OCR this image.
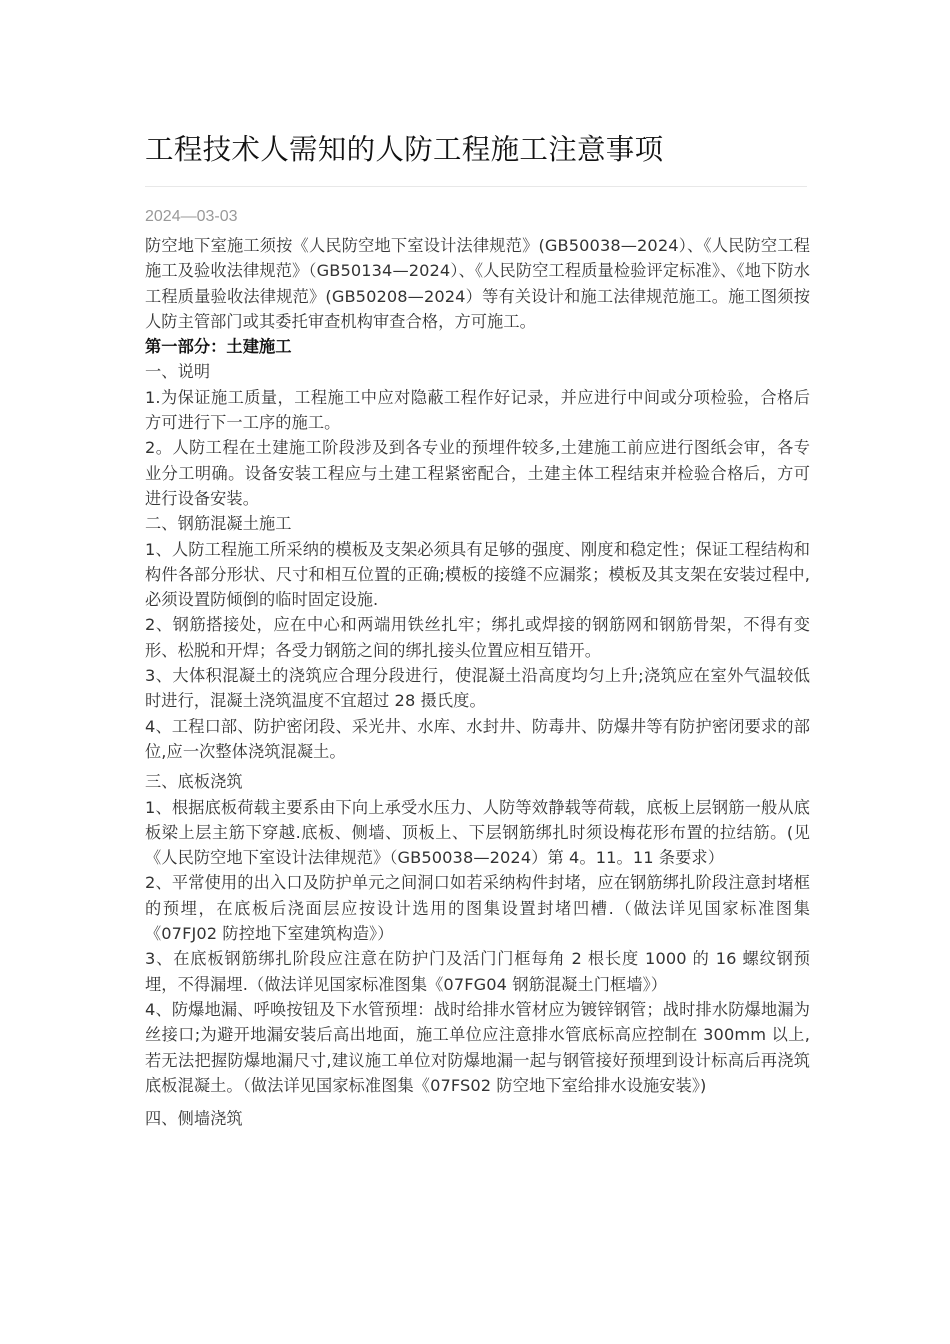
工程技术人需知的人防工程施工注意事项
2024—03-03

防空地下室施工须按《人民防空地下室设计法律规范》(GB50038—2024）、《人民防空工程施工及验收法律规范》（GB50134—2024）、《人民防空工程质量检验评定标准》、《地下防水工程质量验收法律规范》(GB50208—2024）等有关设计和施工法律规范施工。施工图须按人防主管部门或其委托审查机构审查合格，方可施工。

第一部分：土建施工

一、说明

1.为保证施工质量，工程施工中应对隐蔽工程作好记录，并应进行中间或分项检验，合格后方可进行下一工序的施工。

2。人防工程在土建施工阶段涉及到各专业的预埋件较多,土建施工前应进行图纸会审，各专业分工明确。设备安装工程应与土建工程紧密配合，土建主体工程结束并检验合格后，方可进行设备安装。

二、钢筋混凝土施工

1、人防工程施工所采纳的模板及支架必须具有足够的强度、刚度和稳定性；保证工程结构和构件各部分形状、尺寸和相互位置的正确;模板的接缝不应漏浆；模板及其支架在安装过程中,必须设置防倾倒的临时固定设施.

2、钢筋搭接处，应在中心和两端用铁丝扎牢；绑扎或焊接的钢筋网和钢筋骨架，不得有变形、松脱和开焊；各受力钢筋之间的绑扎接头位置应相互错开。

3、大体积混凝土的浇筑应合理分段进行，使混凝土沿高度均匀上升;浇筑应在室外气温较低时进行，混凝土浇筑温度不宜超过 28 摄氏度。

4、工程口部、防护密闭段、采光井、水库、水封井、防毒井、防爆井等有防护密闭要求的部位,应一次整体浇筑混凝土。

三、底板浇筑

1、根据底板荷载主要系由下向上承受水压力、人防等效静载等荷载，底板上层钢筋一般从底板梁上层主筋下穿越.底板、侧墙、顶板上、下层钢筋绑扎时须设梅花形布置的拉结筋。(见《人民防空地下室设计法律规范》（GB50038—2024）第 4。11。11 条要求）

2、平常使用的出入口及防护单元之间洞口如若采纳构件封堵，应在钢筋绑扎阶段注意封堵框的预埋，在底板后浇面层应按设计选用的图集设置封堵凹槽.（做法详见国家标准图集《07FJ02 防控地下室建筑构造》）

3、在底板钢筋绑扎阶段应注意在防护门及活门门框每角 2 根长度 1000 的 16 螺纹钢预埋，不得漏埋.（做法详见国家标准图集《07FG04 钢筋混凝土门框墙》）

4、防爆地漏、呼唤按钮及下水管预埋：战时给排水管材应为镀锌钢管；战时排水防爆地漏为丝接口;为避开地漏安装后高出地面，施工单位应注意排水管底标高应控制在 300mm 以上,若无法把握防爆地漏尺寸,建议施工单位对防爆地漏一起与钢管接好预埋到设计标高后再浇筑底板混凝土。（做法详见国家标准图集《07FS02 防空地下室给排水设施安装》)

四、侧墙浇筑
